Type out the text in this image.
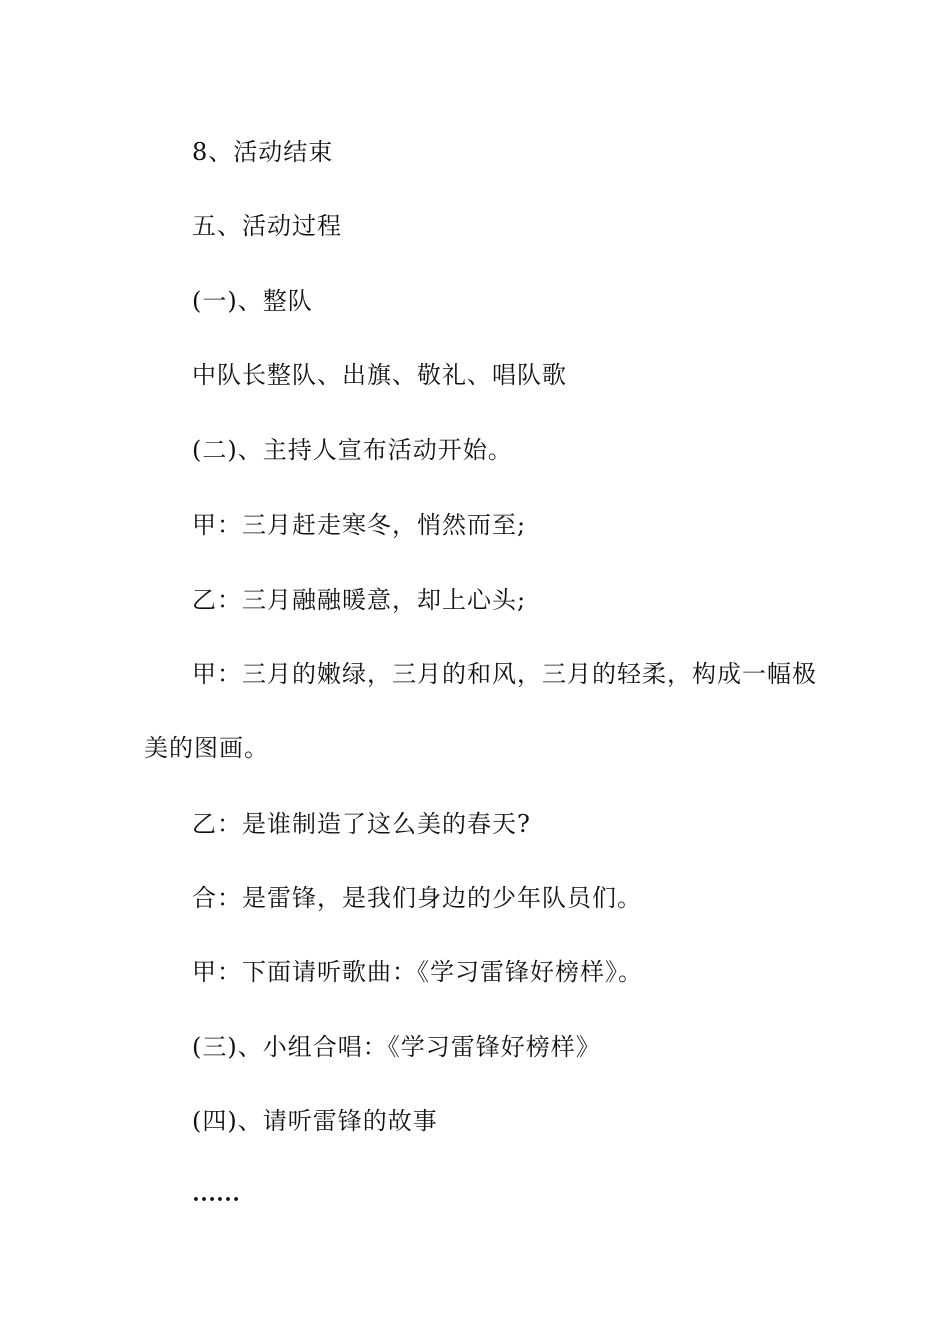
8、活动结束
五、活动过程
(一)、整队
中队长整队、出旗、敬礼、唱队歌
(二)、主持人宣布活动开始。
甲：三月赶走寒冬，悄然而至;
乙：三月融融暖意，却上心头;
甲：三月的嫩绿，三月的和风，三月的轻柔，构成一幅极
美的图画。
乙：是谁制造了这么美的春天?
合：是雷锋，是我们身边的少年队员们。
甲：下面请听歌曲：《学习雷锋好榜样》。
(三)、小组合唱：《学习雷锋好榜样》
(四)、请听雷锋的故事
……
